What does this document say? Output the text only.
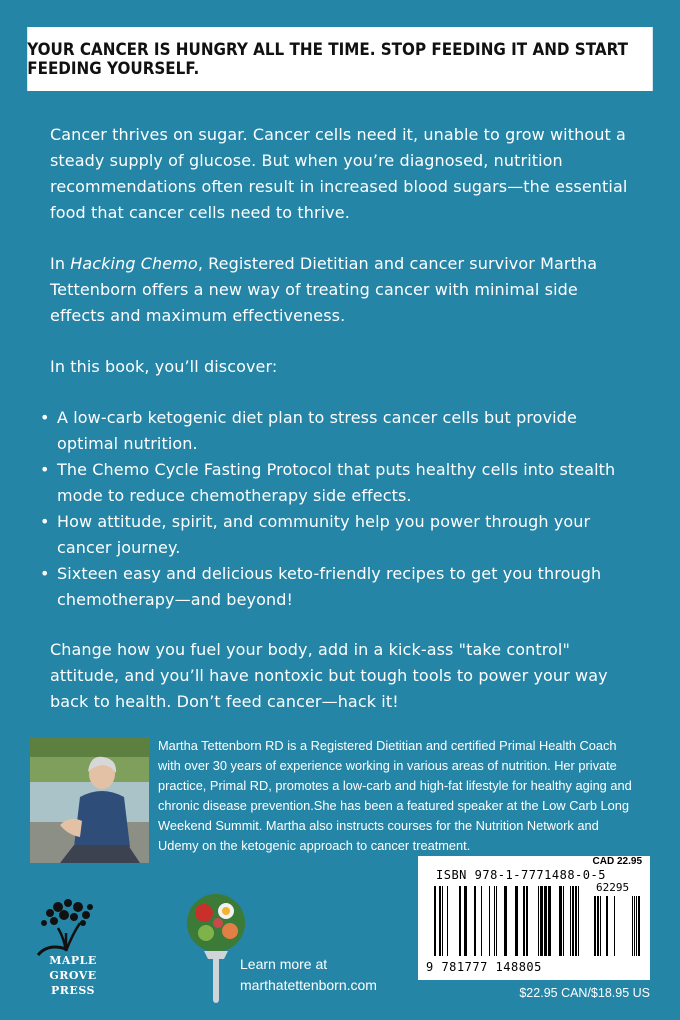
YOUR CANCER IS HUNGRY ALL THE TIME. STOP FEEDING IT AND START FEEDING YOURSELF.

Cancer thrives on sugar. Cancer cells need it, unable to grow without a steady supply of glucose. But when you’re diagnosed, nutrition recommendations often result in increased blood sugars—the essential food that cancer cells need to thrive.

In Hacking Chemo, Registered Dietitian and cancer survivor Martha Tettenborn offers a new way of treating cancer with minimal side effects and maximum effectiveness.

In this book, you’ll discover:

• A low-carb ketogenic diet plan to stress cancer cells but provide optimal nutrition.
• The Chemo Cycle Fasting Protocol that puts healthy cells into stealth mode to reduce chemotherapy side effects.
• How attitude, spirit, and community help you power through your cancer journey.
• Sixteen easy and delicious keto-friendly recipes to get you through chemotherapy—and beyond!

Change how you fuel your body, add in a kick-ass "take control" attitude, and you’ll have nontoxic but tough tools to power your way back to health. Don’t feed cancer—hack it!

Martha Tettenborn RD is a Registered Dietitian and certified Primal Health Coach with over 30 years of experience working in various areas of nutrition. Her private practice, Primal RD, promotes a low-carb and high-fat lifestyle for healthy aging and chronic disease prevention.She has been a featured speaker at the Low Carb Long Weekend Summit. Martha also instructs courses for the Nutrition Network and Udemy on the ketogenic approach to cancer treatment.
CAD 22.95
ISBN 978-1-7771488-0-5
62295
9 781777 148805
$22.95 CAN/$18.95 US
MAPLE
GROVE
PRESS
Learn more at
marthatettenborn.com
